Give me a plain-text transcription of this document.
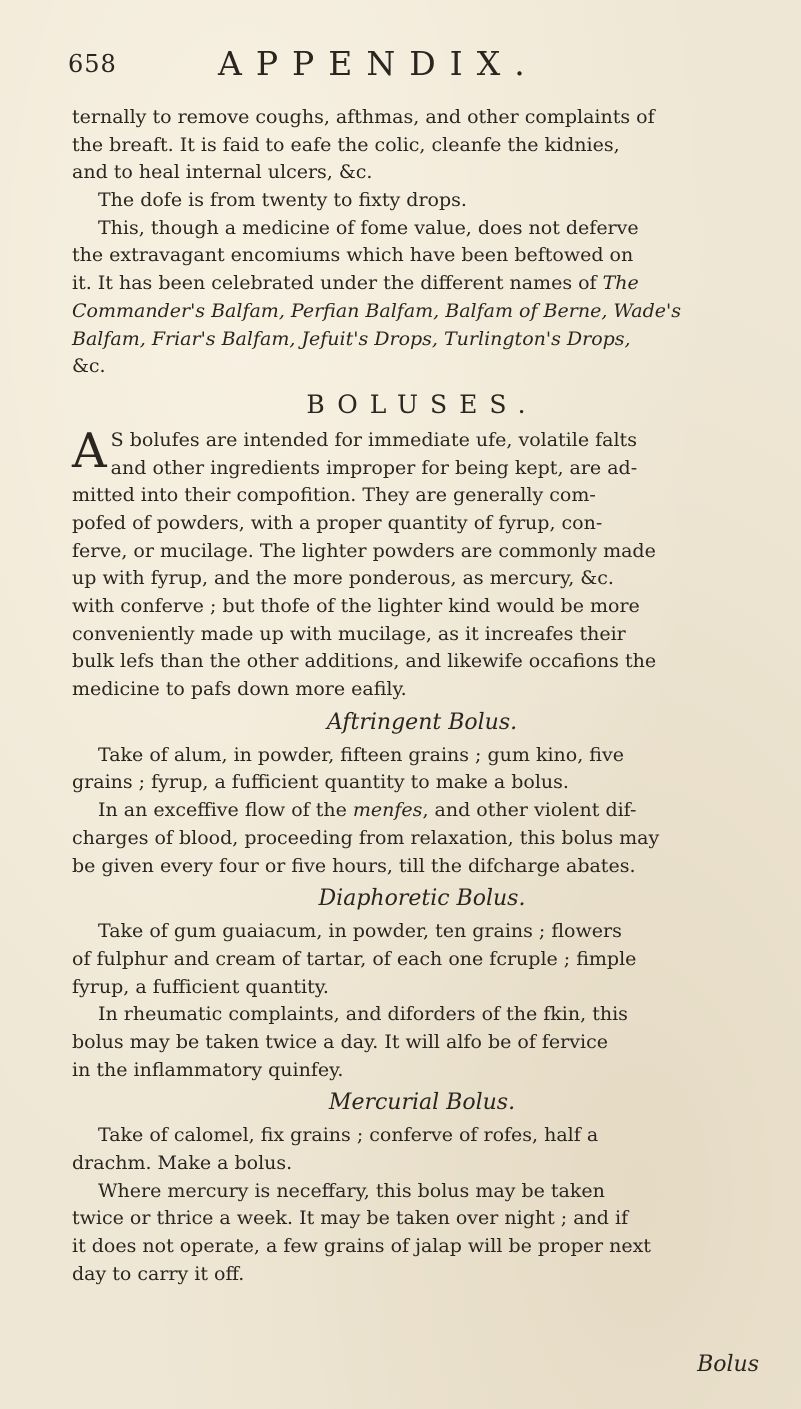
658	APPENDIX.
ternally to remove coughs, afthmas, and other complaints of
the breaft. It is faid to eafe the colic, cleanfe the kidnies,
and to heal internal ulcers, &c.
The dofe is from twenty to fixty drops.
This, though a medicine of fome value, does not deferve
the extravagant encomiums which have been beftowed on
it. It has been celebrated under the different names of The
Commander's Balfam, Perfian Balfam, Balfam of Berne, Wade's
Balfam, Friar's Balfam, Jefuit's Drops, Turlington's Drops,
&c.
BOLUSES.
A S bolufes are intended for immediate ufe, volatile falts
and other ingredients improper for being kept, are ad-
mitted into their compofition. They are generally com-
pofed of powders, with a proper quantity of fyrup, con-
ferve, or mucilage. The lighter powders are commonly made
up with fyrup, and the more ponderous, as mercury, &c.
with conferve ; but thofe of the lighter kind would be more
conveniently made up with mucilage, as it increafes their
bulk lefs than the other additions, and likewife occafions the
medicine to pafs down more eafily.
Aftringent Bolus.
Take of alum, in powder, fifteen grains ; gum kino, five
grains ; fyrup, a fufficient quantity to make a bolus.
In an exceffive flow of the menfes, and other violent dif-
charges of blood, proceeding from relaxation, this bolus may
be given every four or five hours, till the difcharge abates.
Diaphoretic Bolus.
Take of gum guaiacum, in powder, ten grains ; flowers
of fulphur and cream of tartar, of each one fcruple ; fimple
fyrup, a fufficient quantity.
In rheumatic complaints, and diforders of the fkin, this
bolus may be taken twice a day. It will alfo be of fervice
in the inflammatory quinfey.
Mercurial Bolus.
Take of calomel, fix grains ; conferve of rofes, half a
drachm. Make a bolus.
Where mercury is neceffary, this bolus may be taken
twice or thrice a week. It may be taken over night ; and if
it does not operate, a few grains of jalap will be proper next
day to carry it off.
Bolus
